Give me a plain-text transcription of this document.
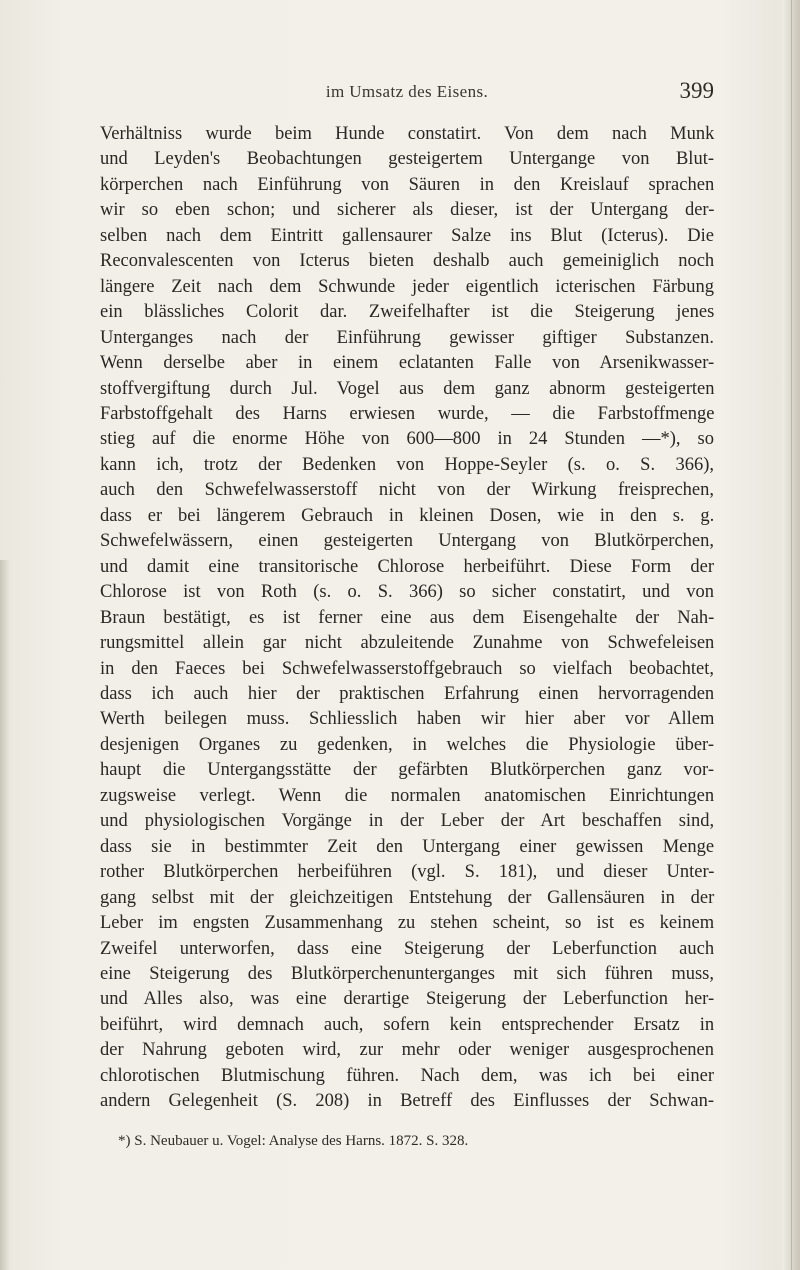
im Umsatz des Eisens.	399
Verhältniss wurde beim Hunde constatirt. Von dem nach Munk
und Leyden's Beobachtungen gesteigertem Untergange von Blut-
körperchen nach Einführung von Säuren in den Kreislauf sprachen
wir so eben schon; und sicherer als dieser, ist der Untergang der-
selben nach dem Eintritt gallensaurer Salze ins Blut (Icterus). Die
Reconvalescenten von Icterus bieten deshalb auch gemeiniglich noch
längere Zeit nach dem Schwunde jeder eigentlich icterischen Färbung
ein blässliches Colorit dar. Zweifelhafter ist die Steigerung jenes
Unterganges nach der Einführung gewisser giftiger Substanzen.
Wenn derselbe aber in einem eclatanten Falle von Arsenikwasser-
stoffvergiftung durch Jul. Vogel aus dem ganz abnorm gesteigerten
Farbstoffgehalt des Harns erwiesen wurde, — die Farbstoffmenge
stieg auf die enorme Höhe von 600—800 in 24 Stunden —*), so
kann ich, trotz der Bedenken von Hoppe-Seyler (s. o. S. 366),
auch den Schwefelwasserstoff nicht von der Wirkung freisprechen,
dass er bei längerem Gebrauch in kleinen Dosen, wie in den s. g.
Schwefelwässern, einen gesteigerten Untergang von Blutkörperchen,
und damit eine transitorische Chlorose herbeiführt. Diese Form der
Chlorose ist von Roth (s. o. S. 366) so sicher constatirt, und von
Braun bestätigt, es ist ferner eine aus dem Eisengehalte der Nah-
rungsmittel allein gar nicht abzuleitende Zunahme von Schwefeleisen
in den Faeces bei Schwefelwasserstoffgebrauch so vielfach beobachtet,
dass ich auch hier der praktischen Erfahrung einen hervorragenden
Werth beilegen muss. Schliesslich haben wir hier aber vor Allem
desjenigen Organes zu gedenken, in welches die Physiologie über-
haupt die Untergangsstätte der gefärbten Blutkörperchen ganz vor-
zugsweise verlegt. Wenn die normalen anatomischen Einrichtungen
und physiologischen Vorgänge in der Leber der Art beschaffen sind,
dass sie in bestimmter Zeit den Untergang einer gewissen Menge
rother Blutkörperchen herbeiführen (vgl. S. 181), und dieser Unter-
gang selbst mit der gleichzeitigen Entstehung der Gallensäuren in der
Leber im engsten Zusammenhang zu stehen scheint, so ist es keinem
Zweifel unterworfen, dass eine Steigerung der Leberfunction auch
eine Steigerung des Blutkörperchenunterganges mit sich führen muss,
und Alles also, was eine derartige Steigerung der Leberfunction her-
beiführt, wird demnach auch, sofern kein entsprechender Ersatz in
der Nahrung geboten wird, zur mehr oder weniger ausgesprochenen
chlorotischen Blutmischung führen. Nach dem, was ich bei einer
andern Gelegenheit (S. 208) in Betreff des Einflusses der Schwan-
*) S. Neubauer u. Vogel: Analyse des Harns. 1872. S. 328.
